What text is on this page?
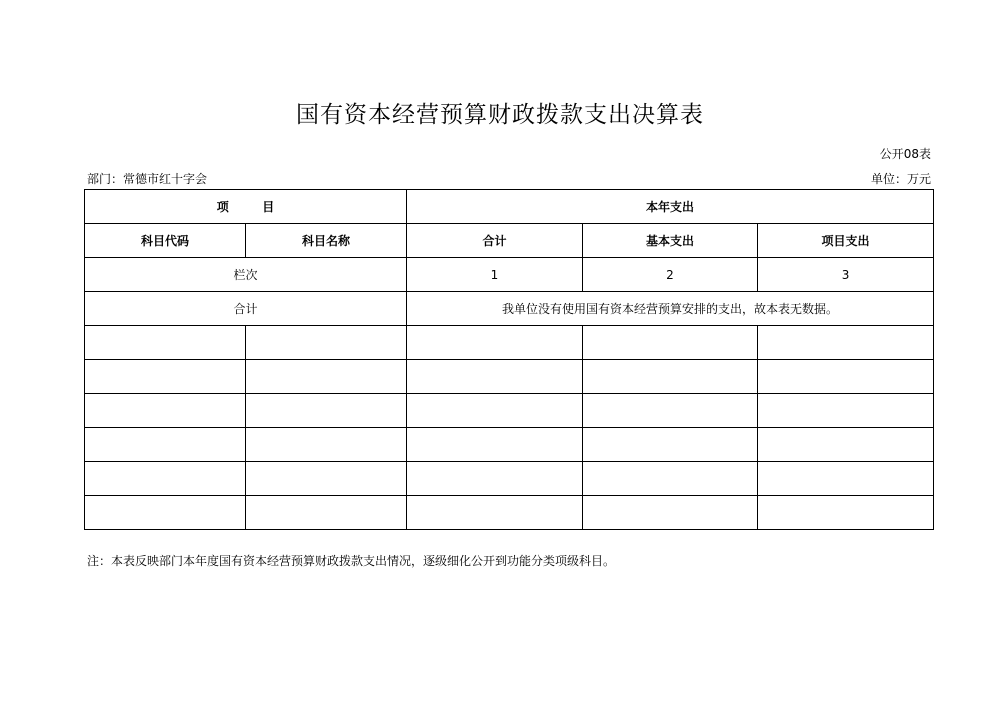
国有资本经营预算财政拨款支出决算表
公开08表
部门：常德市红十字会	单位：万元
项        目		本年支出		
科目代码	科目名称	合计	基本支出	项目支出
栏次		1	2	3
合计		我单位没有使用国有资本经营预算安排的支出，故本表无数据。		

注：本表反映部门本年度国有资本经营预算财政拨款支出情况，逐级细化公开到功能分类项级科目。
